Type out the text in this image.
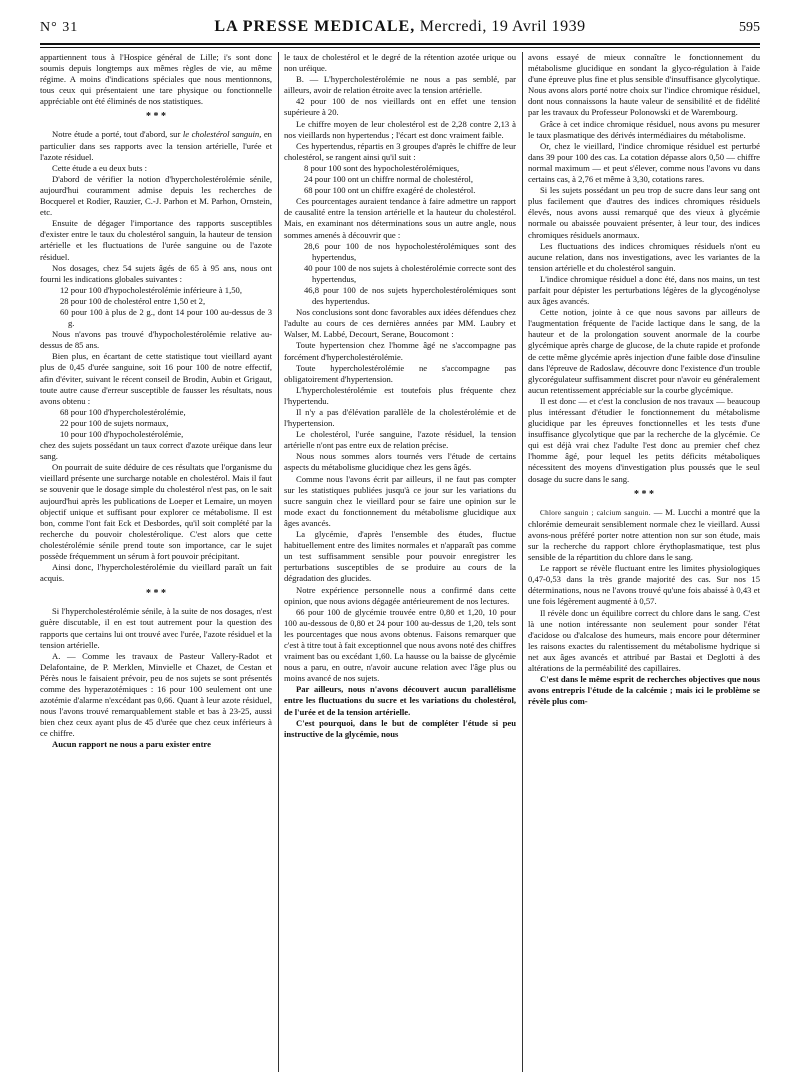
N° 31	LA PRESSE MEDICALE, Mercredi, 19 Avril 1939	595

appartiennent tous à l'Hospice général de Lille; i's sont donc soumis depuis longtemps aux mêmes règles de vie, au même régime. A moins d'indications spéciales que nous mentionnons, tous ceux qui présentaient une tare physique ou fonctionnelle appréciable ont été éliminés de nos statistiques.

* * *

Notre étude a porté, tout d'abord, sur le cholestérol sanguin, en particulier dans ses rapports avec la tension artérielle, l'urée et l'azote résiduel.

Cette étude a eu deux buts :

D'abord de vérifier la notion d'hypercholestérolémie sénile, aujourd'hui couramment admise depuis les recherches de Bocquerel et Rodier, Rauzier, C.-J. Parhon et M. Parhon, Ornstein, etc.

Ensuite de dégager l'importance des rapports susceptibles d'exister entre le taux du cholestérol sanguin, la hauteur de tension artérielle et les fluctuations de l'urée sanguine ou de l'azote résiduel.

Nos dosages, chez 54 sujets âgés de 65 à 95 ans, nous ont fourni les indications globales suivantes :

12 pour 100 d'hypocholestérolémie inférieure à 1,50,

28 pour 100 de cholestérol entre 1,50 et 2,

60 pour 100 à plus de 2 g., dont 14 pour 100 au-dessus de 3 g.

Nous n'avons pas trouvé d'hypocholestérolémie relative au-dessus de 85 ans.

Bien plus, en écartant de cette statistique tout vieillard ayant plus de 0,45 d'urée sanguine, soit 16 pour 100 de notre effectif, afin d'éviter, suivant le récent conseil de Brodin, Aubin et Grigaut, toute autre cause d'erreur susceptible de fausser les résultats, nous avons obtenu :

68 pour 100 d'hypercholestérolémie,

22 pour 100 de sujets normaux,

10 pour 100 d'hypocholestérolémie,

chez des sujets possédant un taux correct d'azote uréique dans leur sang.

On pourrait de suite déduire de ces résultats que l'organisme du vieillard présente une surcharge notable en cholestérol. Mais il faut se souvenir que le dosage simple du cholestérol n'est pas, on le sait aujourd'hui après les publications de Loeper et Lemaire, un moyen objectif unique et suffisant pour explorer ce métabolisme. Il est bon, comme l'ont fait Eck et Desbordes, qu'il soit complété par la recherche du pouvoir cholestérolique. C'est alors que cette cholestérolémie sénile prend toute son importance, car le sujet possède fréquemment un sérum à fort pouvoir précipitant.

Ainsi donc, l'hypercholestérolémie du vieillard paraît un fait acquis.

* * *

Si l'hypercholestérolémie sénile, à la suite de nos dosages, n'est guère discutable, il en est tout autrement pour la question des rapports que certains lui ont trouvé avec l'urée, l'azote résiduel et la tension artérielle.

A. — Comme les travaux de Pasteur Vallery-Radot et Delafontaine, de P. Merklen, Minvielle et Chazet, de Cestan et Pérès nous le faisaient prévoir, peu de nos sujets se sont présentés comme des hyperazotémiques : 16 pour 100 seulement ont une azotémie d'alarme n'excédant pas 0,66. Quant à leur azote résiduel, nous l'avons trouvé remarquablement stable et bas à 23-25, aussi bien chez ceux ayant plus de 45 d'urée que chez ceux inférieurs à ce chiffre.

Aucun rapport ne nous a paru exister entre

le taux de cholestérol et le degré de la rétention azotée urique ou non uréique.

B. — L'hypercholestérolémie ne nous a pas semblé, par ailleurs, avoir de relation étroite avec la tension artérielle.

42 pour 100 de nos vieillards ont en effet une tension supérieure à 20.

Le chiffre moyen de leur cholestérol est de 2,28 contre 2,13 à nos vieillards non hypertendus ; l'écart est donc vraiment faible.

Ces hypertendus, répartis en 3 groupes d'après le chiffre de leur cholestérol, se rangent ainsi qu'il suit :

8 pour 100 sont des hypocholestérolémiques,

24 pour 100 ont un chiffre normal de cholestérol,

68 pour 100 ont un chiffre exagéré de cholestérol.

Ces pourcentages auraient tendance à faire admettre un rapport de causalité entre la tension artérielle et la hauteur du cholestérol. Mais, en examinant nos déterminations sous un autre angle, nous sommes amenés à découvrir que :

28,6 pour 100 de nos hypocholestérolémiques sont des hypertendus,

40 pour 100 de nos sujets à cholestérolémie correcte sont des hypertendus,

46,8 pour 100 de nos sujets hypercholestérolémiques sont des hypertendus.

Nos conclusions sont donc favorables aux idées défendues chez l'adulte au cours de ces dernières années par MM. Laubry et Walser, M. Labbé, Decourt, Serane, Boucomont :

Toute hypertension chez l'homme âgé ne s'accompagne pas forcément d'hypercholestérolémie.

Toute hypercholestérolémie ne s'accompagne pas obligatoirement d'hypertension.

L'hypercholestérolémie est toutefois plus fréquente chez l'hypertendu.

Il n'y a pas d'élévation parallèle de la cholestérolémie et de l'hypertension.

Le cholestérol, l'urée sanguine, l'azote résiduel, la tension artérielle n'ont pas entre eux de relation précise.

Nous nous sommes alors tournés vers l'étude de certains aspects du métabolisme glucidique chez les gens âgés.

Comme nous l'avons écrit par ailleurs, il ne faut pas compter sur les statistiques publiées jusqu'à ce jour sur les variations du sucre sanguin chez le vieillard pour se faire une opinion sur le mode exact du fonctionnement du métabolisme glucidique aux âges avancés.

La glycémie, d'après l'ensemble des études, fluctue habituellement entre des limites normales et n'apparaît pas comme un test suffisamment sensible pour pouvoir enregistrer les perturbations susceptibles de se produire au cours de la dégradation des glucides.

Notre expérience personnelle nous a confirmé dans cette opinion, que nous avions dégagée antérieurement de nos lectures.

66 pour 100 de glycémie trouvée entre 0,80 et 1,20, 10 pour 100 au-dessous de 0,80 et 24 pour 100 au-dessus de 1,20, tels sont les pourcentages que nous avons obtenus. Faisons remarquer que c'est à titre tout à fait exceptionnel que nous avons noté des chiffres vraiment bas ou excédant 1,60. La hausse ou la baisse de glycémie nous a paru, en outre, n'avoir aucune relation avec l'âge plus ou moins avancé de nos sujets.

Par ailleurs, nous n'avons découvert aucun parallélisme entre les fluctuations du sucre et les variations du cholestérol, de l'urée et de la tension artérielle.

C'est pourquoi, dans le but de compléter l'étude si peu instructive de la glycémie, nous

avons essayé de mieux connaître le fonctionnement du métabolisme glucidique en sondant la glyco-régulation à l'aide d'une épreuve plus fine et plus sensible d'insuffisance glycolytique. Nous avons alors porté notre choix sur l'indice chromique résiduel, dont nous connaissons la haute valeur de sensibilité et de fidélité par les travaux du Professeur Polonowski et de Warembourg.

Grâce à cet indice chromique résiduel, nous avons pu mesurer le taux plasmatique des dérivés intermédiaires du métabolisme.

Or, chez le vieillard, l'indice chromique résiduel est perturbé dans 39 pour 100 des cas. La cotation dépasse alors 0,50 — chiffre normal maximum — et peut s'élever, comme nous l'avons vu dans certains cas, à 2,76 et même à 3,30, cotations rares.

Si les sujets possédant un peu trop de sucre dans leur sang ont plus facilement que d'autres des indices chromiques résiduels élevés, nous avons aussi remarqué que des vieux à glycémie normale ou abaissée pouvaient présenter, à leur tour, des indices chromiques résiduels anormaux.

Les fluctuations des indices chromiques résiduels n'ont eu aucune relation, dans nos investigations, avec les variantes de la tension artérielle et du cholestérol sanguin.

L'indice chromique résiduel a donc été, dans nos mains, un test parfait pour dépister les perturbations légères de la glycogénolyse aux âges avancés.

Cette notion, jointe à ce que nous savons par ailleurs de l'augmentation fréquente de l'acide lactique dans le sang, de la hauteur et de la prolongation souvent anormale de la courbe glycémique après charge de glucose, de la chute rapide et profonde de cette même glycémie après injection d'une faible dose d'insuline dans l'épreuve de Radoslaw, découvre donc l'existence d'un trouble glycorégulateur suffisamment discret pour n'avoir eu généralement aucun retentissement appréciable sur la courbe glycémique.

Il est donc — et c'est la conclusion de nos travaux — beaucoup plus intéressant d'étudier le fonctionnement du métabolisme glucidique par les épreuves fonctionnelles et les tests d'une insuffisance glycolytique que par la recherche de la glycémie. Ce qui est déjà vrai chez l'adulte l'est donc au premier chef chez l'homme âgé, pour lequel les petits déficits métaboliques nécessitent des moyens d'investigation plus poussés que le seul dosage du sucre dans le sang.

* * *

Chlore sanguin ; calcium sanguin. — M. Lucchi a montré que la chlorémie demeurait sensiblement normale chez le vieillard. Aussi avons-nous préféré porter notre attention non sur son étude, mais sur la recherche du rapport chlore érythoplasmatique, test plus sensible de la répartition du chlore dans le sang.

Le rapport se révèle fluctuant entre les limites physiologiques 0,47-0,53 dans la très grande majorité des cas. Sur nos 15 déterminations, nous ne l'avons trouvé qu'une fois abaissé à 0,43 et une fois légèrement augmenté à 0,57.

Il révèle donc un équilibre correct du chlore dans le sang. C'est là une notion intéressante non seulement pour sonder l'état d'acidose ou d'alcalose des humeurs, mais encore pour déterminer les raisons exactes du ralentissement du métabolisme hydrique si net aux âges avancés et attribué par Bastai et Deglotti à des altérations de la perméabilité des capillaires.

C'est dans le même esprit de recherches objectives que nous avons entrepris l'étude de la calcémie ; mais ici le problème se révèle plus com-
